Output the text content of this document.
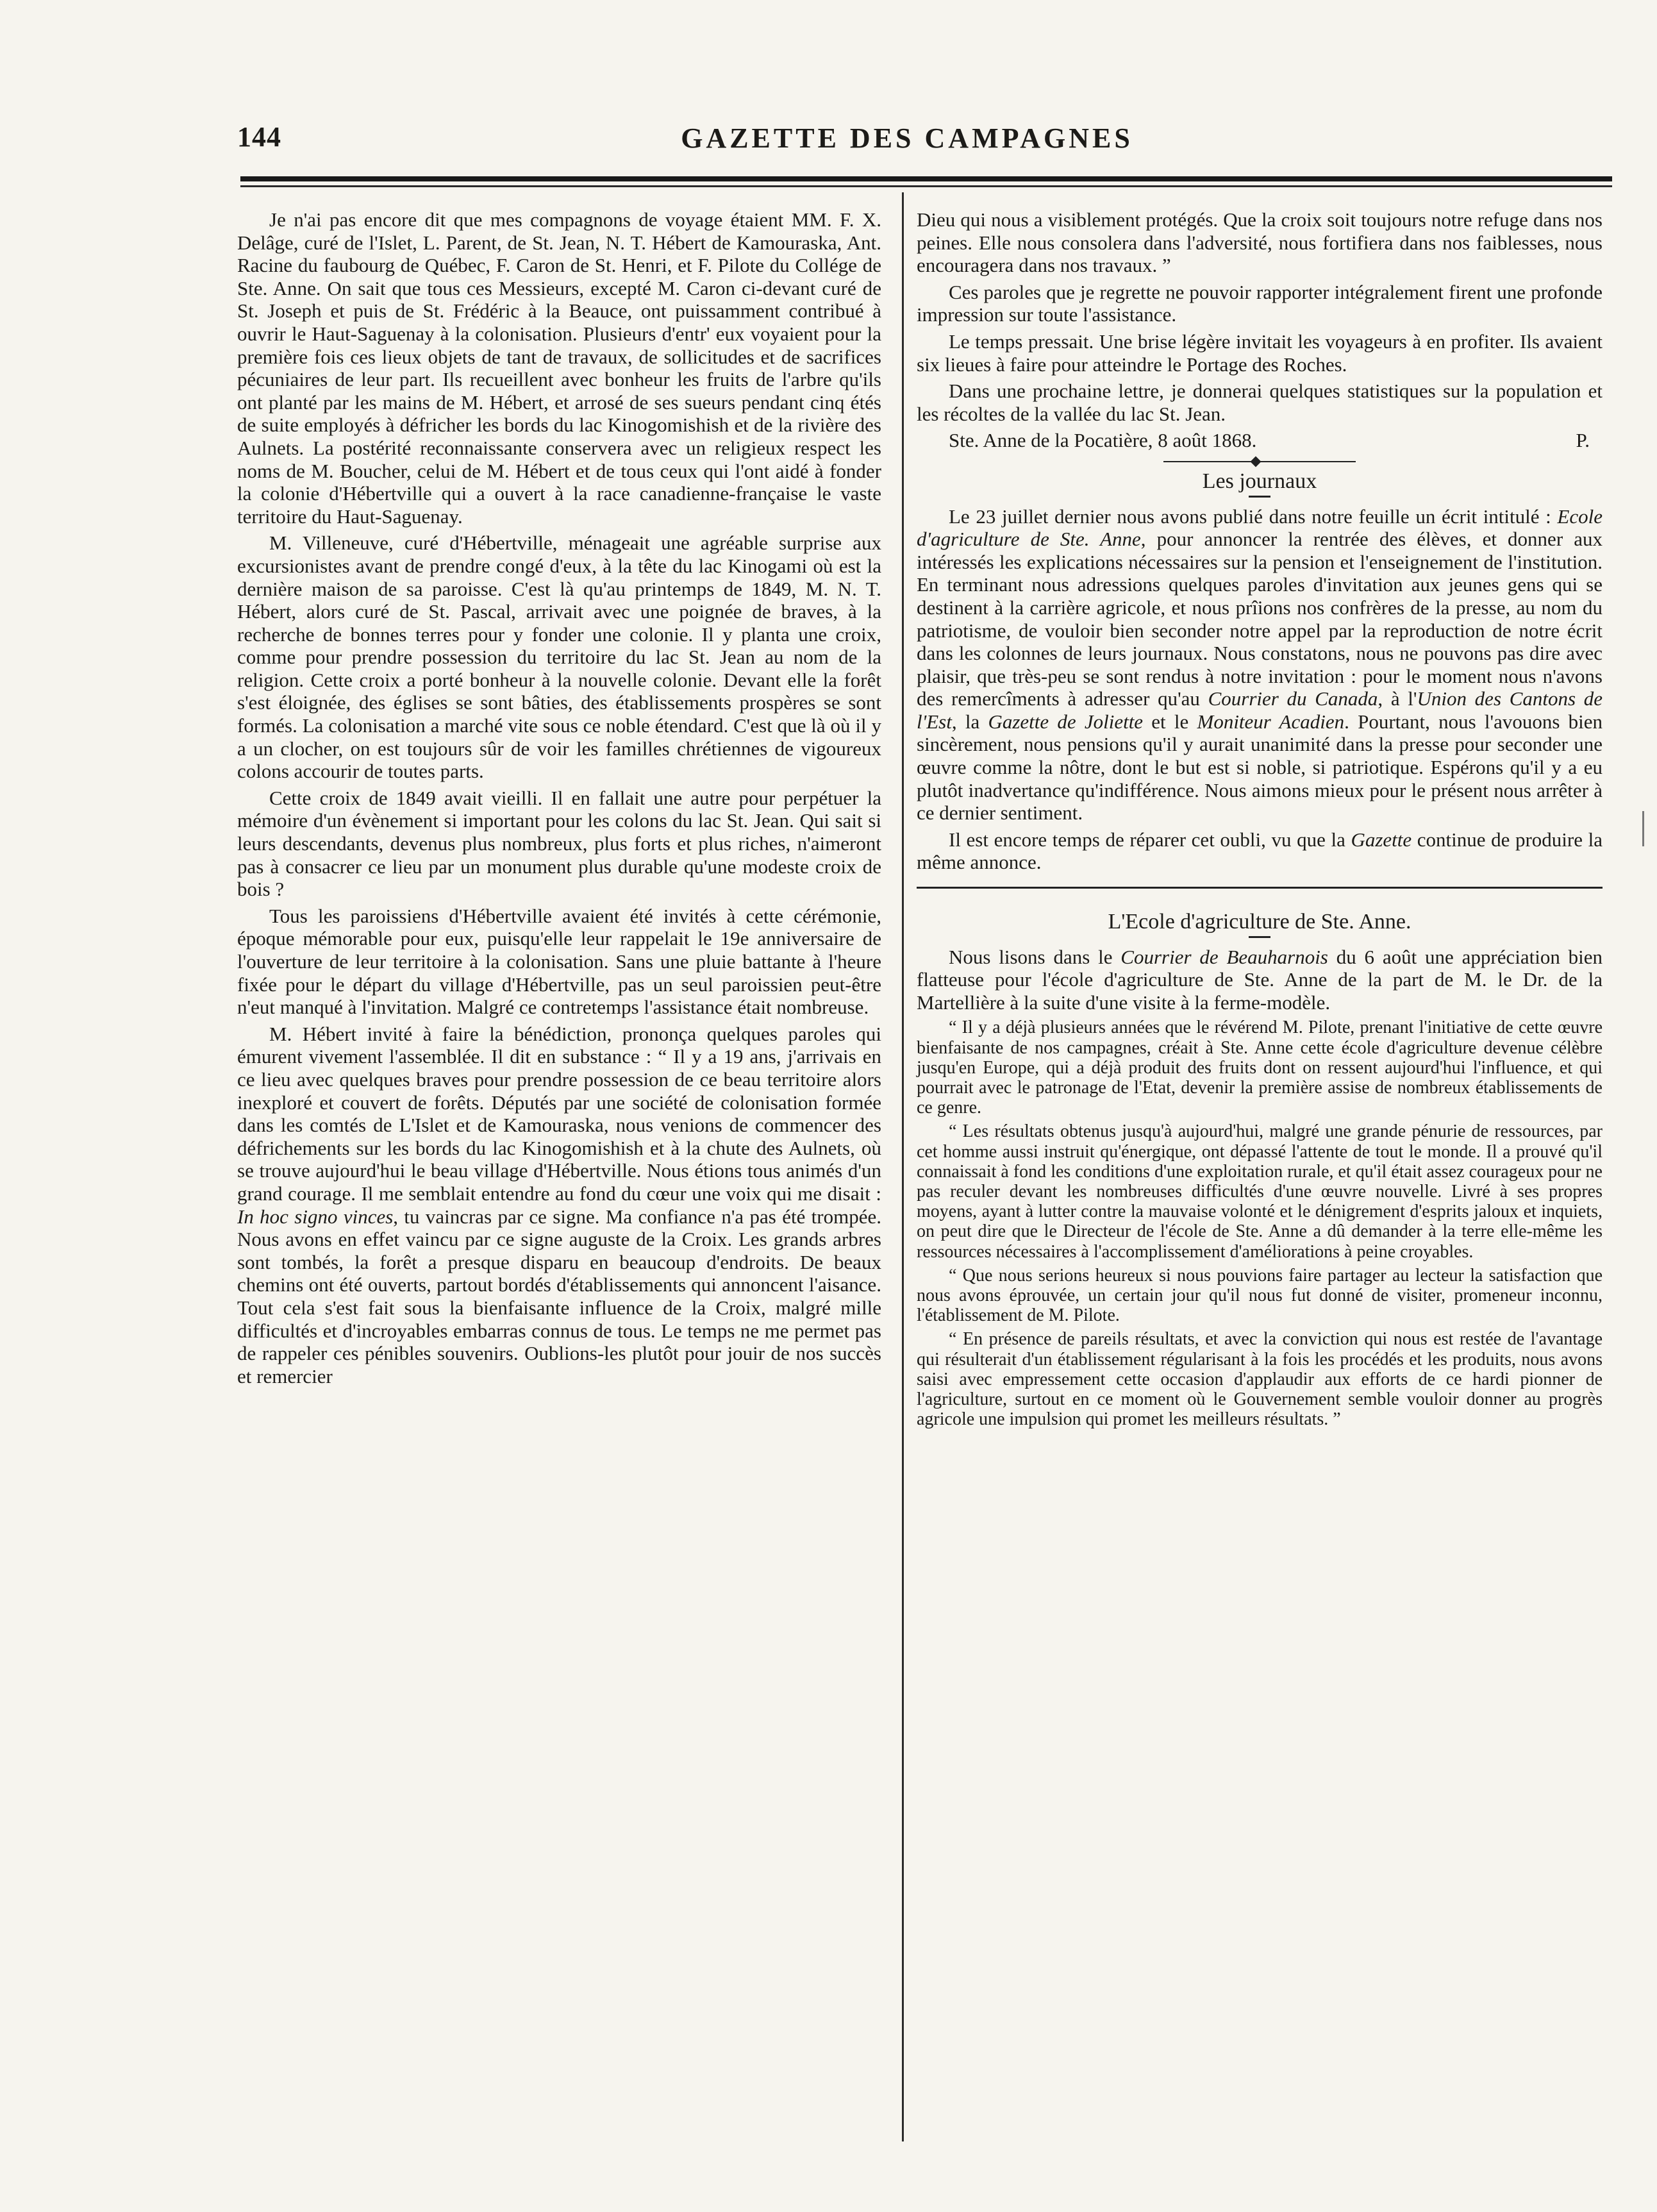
144	GAZETTE DES CAMPAGNES

Je n'ai pas encore dit que mes compagnons de voyage étaient MM. F. X. Delâge, curé de l'Islet, L. Parent, de St. Jean, N. T. Hébert de Kamouraska, Ant. Racine du faubourg de Québec, F. Caron de St. Henri, et F. Pilote du Collége de Ste. Anne. On sait que tous ces Messieurs, excepté M. Caron ci-devant curé de St. Joseph et puis de St. Frédéric à la Beauce, ont puissamment contribué à ouvrir le Haut-Saguenay à la colonisation. Plusieurs d'entr' eux voyaient pour la première fois ces lieux objets de tant de travaux, de sollicitudes et de sacrifices pécuniaires de leur part. Ils recueillent avec bonheur les fruits de l'arbre qu'ils ont planté par les mains de M. Hébert, et arrosé de ses sueurs pendant cinq étés de suite employés à défricher les bords du lac Kinogomishish et de la rivière des Aulnets. La postérité reconnaissante conservera avec un religieux respect les noms de M. Boucher, celui de M. Hébert et de tous ceux qui l'ont aidé à fonder la colonie d'Hébertville qui a ouvert à la race canadienne-française le vaste territoire du Haut-Saguenay.

M. Villeneuve, curé d'Hébertville, ménageait une agréable surprise aux excursionistes avant de prendre congé d'eux, à la tête du lac Kinogami où est la dernière maison de sa paroisse. C'est là qu'au printemps de 1849, M. N. T. Hébert, alors curé de St. Pascal, arrivait avec une poignée de braves, à la recherche de bonnes terres pour y fonder une colonie. Il y planta une croix, comme pour prendre possession du territoire du lac St. Jean au nom de la religion. Cette croix a porté bonheur à la nouvelle colonie. Devant elle la forêt s'est éloignée, des églises se sont bâties, des établissements prospères se sont formés. La colonisation a marché vite sous ce noble étendard. C'est que là où il y a un clocher, on est toujours sûr de voir les familles chrétiennes de vigoureux colons accourir de toutes parts.

Cette croix de 1849 avait vieilli. Il en fallait une autre pour perpétuer la mémoire d'un évènement si important pour les colons du lac St. Jean. Qui sait si leurs descendants, devenus plus nombreux, plus forts et plus riches, n'aimeront pas à consacrer ce lieu par un monument plus durable qu'une modeste croix de bois ?

Tous les paroissiens d'Hébertville avaient été invités à cette cérémonie, époque mémorable pour eux, puisqu'elle leur rappelait le 19e anniversaire de l'ouverture de leur territoire à la colonisation. Sans une pluie battante à l'heure fixée pour le départ du village d'Hébertville, pas un seul paroissien peut-être n'eut manqué à l'invitation. Malgré ce contretemps l'assistance était nombreuse.

M. Hébert invité à faire la bénédiction, prononça quelques paroles qui émurent vivement l'assemblée. Il dit en substance : “ Il y a 19 ans, j'arrivais en ce lieu avec quelques braves pour prendre possession de ce beau territoire alors inexploré et couvert de forêts. Députés par une société de colonisation formée dans les comtés de L'Islet et de Kamouraska, nous venions de commencer des défrichements sur les bords du lac Kinogomishish et à la chute des Aulnets, où se trouve aujourd'hui le beau village d'Hébertville. Nous étions tous animés d'un grand courage. Il me semblait entendre au fond du cœur une voix qui me disait : In hoc signo vinces, tu vaincras par ce signe. Ma confiance n'a pas été trompée. Nous avons en effet vaincu par ce signe auguste de la Croix. Les grands arbres sont tombés, la forêt a presque disparu en beaucoup d'endroits. De beaux chemins ont été ouverts, partout bordés d'établissements qui annoncent l'aisance. Tout cela s'est fait sous la bienfaisante influence de la Croix, malgré mille difficultés et d'incroyables embarras connus de tous. Le temps ne me permet pas de rappeler ces pénibles souvenirs. Oublions-les plutôt pour jouir de nos succès et remercier

Dieu qui nous a visiblement protégés. Que la croix soit toujours notre refuge dans nos peines. Elle nous consolera dans l'adversité, nous fortifiera dans nos faiblesses, nous encouragera dans nos travaux. ”

Ces paroles que je regrette ne pouvoir rapporter intégralement firent une profonde impression sur toute l'assistance.

Le temps pressait. Une brise légère invitait les voyageurs à en profiter. Ils avaient six lieues à faire pour atteindre le Portage des Roches.

Dans une prochaine lettre, je donnerai quelques statistiques sur la population et les récoltes de la vallée du lac St. Jean.

Ste. Anne de la Pocatière, 8 août 1868.	P.

Les journaux

Le 23 juillet dernier nous avons publié dans notre feuille un écrit intitulé : Ecole d'agriculture de Ste. Anne, pour annoncer la rentrée des élèves, et donner aux intéressés les explications nécessaires sur la pension et l'enseignement de l'institution. En terminant nous adressions quelques paroles d'invitation aux jeunes gens qui se destinent à la carrière agricole, et nous prîions nos confrères de la presse, au nom du patriotisme, de vouloir bien seconder notre appel par la reproduction de notre écrit dans les colonnes de leurs journaux. Nous constatons, nous ne pouvons pas dire avec plaisir, que très-peu se sont rendus à notre invitation : pour le moment nous n'avons des remercîments à adresser qu'au Courrier du Canada, à l'Union des Cantons de l'Est, la Gazette de Joliette et le Moniteur Acadien. Pourtant, nous l'avouons bien sincèrement, nous pensions qu'il y aurait unanimité dans la presse pour seconder une œuvre comme la nôtre, dont le but est si noble, si patriotique. Espérons qu'il y a eu plutôt inadvertance qu'indifférence. Nous aimons mieux pour le présent nous arrêter à ce dernier sentiment.

Il est encore temps de réparer cet oubli, vu que la Gazette continue de produire la même annonce.

L'Ecole d'agriculture de Ste. Anne.

Nous lisons dans le Courrier de Beauharnois du 6 août une appréciation bien flatteuse pour l'école d'agriculture de Ste. Anne de la part de M. le Dr. de la Martellière à la suite d'une visite à la ferme-modèle.

“ Il y a déjà plusieurs années que le révérend M. Pilote, prenant l'initiative de cette œuvre bienfaisante de nos campagnes, créait à Ste. Anne cette école d'agriculture devenue célèbre jusqu'en Europe, qui a déjà produit des fruits dont on ressent aujourd'hui l'influence, et qui pourrait avec le patronage de l'Etat, devenir la première assise de nombreux établissements de ce genre.

“ Les résultats obtenus jusqu'à aujourd'hui, malgré une grande pénurie de ressources, par cet homme aussi instruit qu'énergique, ont dépassé l'attente de tout le monde. Il a prouvé qu'il connaissait à fond les conditions d'une exploitation rurale, et qu'il était assez courageux pour ne pas reculer devant les nombreuses difficultés d'une œuvre nouvelle. Livré à ses propres moyens, ayant à lutter contre la mauvaise volonté et le dénigrement d'esprits jaloux et inquiets, on peut dire que le Directeur de l'école de Ste. Anne a dû demander à la terre elle-même les ressources nécessaires à l'accomplissement d'améliorations à peine croyables.

“ Que nous serions heureux si nous pouvions faire partager au lecteur la satisfaction que nous avons éprouvée, un certain jour qu'il nous fut donné de visiter, promeneur inconnu, l'établissement de M. Pilote.

“ En présence de pareils résultats, et avec la conviction qui nous est restée de l'avantage qui résulterait d'un établissement régularisant à la fois les procédés et les produits, nous avons saisi avec empressement cette occasion d'applaudir aux efforts de ce hardi pionner de l'agriculture, surtout en ce moment où le Gouvernement semble vouloir donner au progrès agricole une impulsion qui promet les meilleurs résultats. ”
